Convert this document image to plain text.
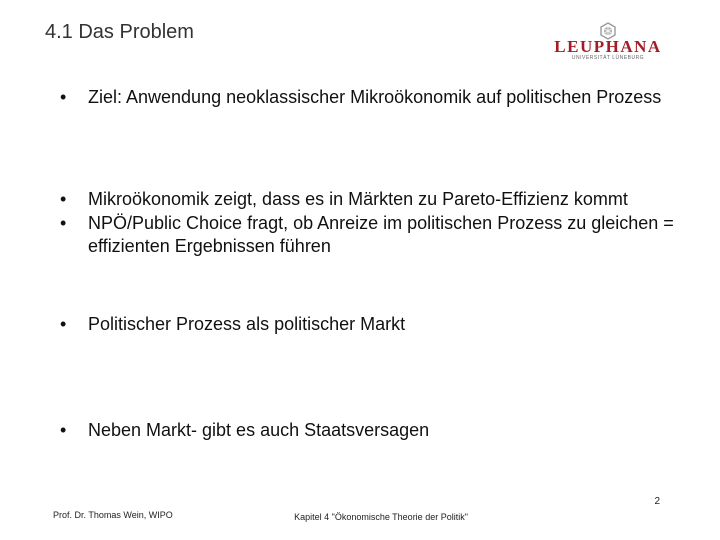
4.1 Das Problem
LEUPHANA
UNIVERSITÄT LÜNEBURG
• Ziel: Anwendung neoklassischer Mikroökonomik auf politischen Prozess
• Mikroökonomik zeigt, dass es in Märkten zu Pareto-Effizienz kommt
• NPÖ/Public Choice fragt, ob Anreize im politischen Prozess zu gleichen = effizienten Ergebnissen führen
• Politischer Prozess als politischer Markt
• Neben Markt- gibt es auch Staatsversagen
2
Prof. Dr. Thomas Wein, WIPO	Kapitel 4 "Ökonomische Theorie der Politik"
